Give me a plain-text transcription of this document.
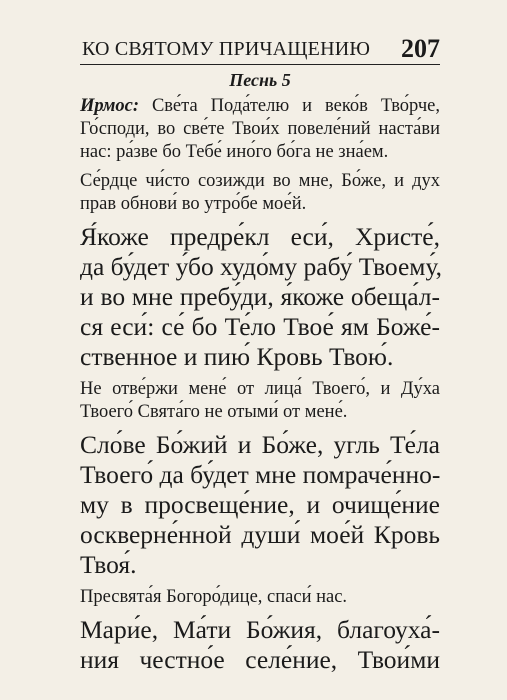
КО СВЯТОМУ ПРИЧАЩЕНИЮ 207
Песнь 5

Ирмос: Све́та Пода́телю и веко́в Тво́рче,
Го́споди, во све́те Твои́х повеле́ний наста́ви
нас: ра́зве бо Тебе́ ино́го бо́га не зна́ем.

Се́рдце чи́сто созижди во мне, Бо́же, и дух
прав обнови́ во утро́бе мое́й.

Я́коже предре́кл еси́, Христе́,
да бу́дет у́бо худо́му рабу́ Твоему́,
и во мне пребу́ди, я́коже обеща́л-
ся еси́: се́ бо Те́ло Твое́ ям Боже́-
ственное и пию́ Кровь Твою́.

Не отве́ржи мене́ от лица́ Твоего́, и Ду́ха
Твоего́ Свята́го не отыми́ от мене́.

Сло́ве Бо́жий и Бо́же, угль Те́ла
Твоего́ да бу́дет мне помраче́нно-
му в просвеще́ние, и очище́ние
оскверне́нной души́ мое́й Кровь
Твоя́.

Пресвята́я Богоро́дице, спаси́ нас.

Мари́е, Ма́ти Бо́жия, благоуха́-
ния честно́е селе́ние, Твои́ми
